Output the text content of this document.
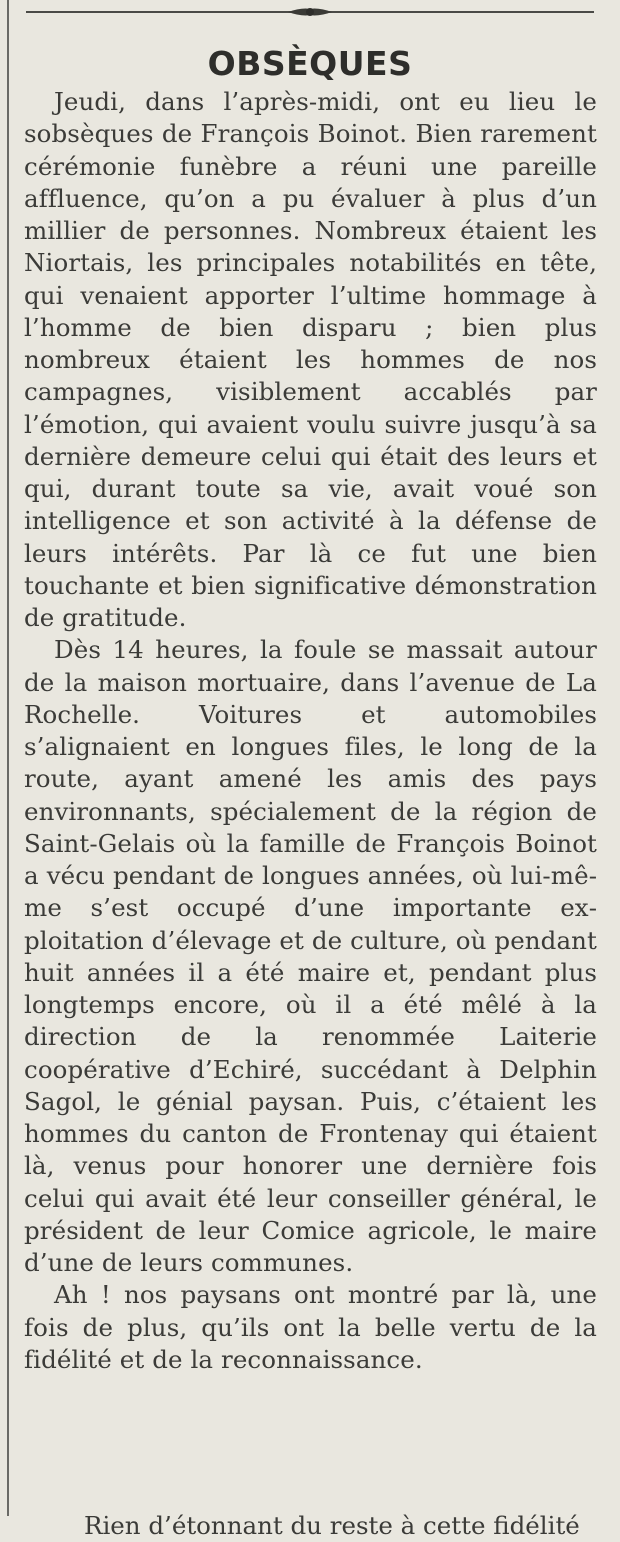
OBSÈQUES

Jeudi, dans l’après-midi, ont eu lieu le sobsèques de François Boinot. Bien rarement cérémonie funèbre a réuni une pareille affluence, qu’on a pu évaluer à plus d’un millier de personnes. Nombreux étaient les Niortais, les principales notabilités en tête, qui venaient apporter l’ultime hommage à l’homme de bien disparu ; bien plus nombreux étaient les hommes de nos campagnes, visiblement accablés par l’émotion, qui avaient voulu suivre jusqu’à sa dernière demeure celui qui était des leurs et qui, durant toute sa vie, avait voué son intelligence et son activité à la défense de leurs intérêts. Par là ce fut une bien touchante et bien significative démonstration de gratitude.

Dès 14 heures, la foule se massait autour de la maison mortuaire, dans l’avenue de La Rochelle. Voitures et automobiles s’alignaient en longues files, le long de la route, ayant amené les amis des pays environnants, spécialement de la région de Saint-Gelais où la famille de François Boinot a vécu pendant de longues années, où lui-même s’est occupé d’une importante exploitation d’élevage et de culture, où pendant huit années il a été maire et, pendant plus longtemps encore, où il a été mêlé à la direction de la renommée Laiterie coopérative d’Echiré, succédant à Delphin Sagol, le génial paysan. Puis, c’étaient les hommes du canton de Frontenay qui étaient là, venus pour honorer une dernière fois celui qui avait été leur conseiller général, le président de leur Comice agricole, le maire d’une de leurs communes.

Ah ! nos paysans ont montré par là, une fois de plus, qu’ils ont la belle vertu de la fidélité et de la reconnaissance.

Rien d’étonnant du reste à cette fidélité
